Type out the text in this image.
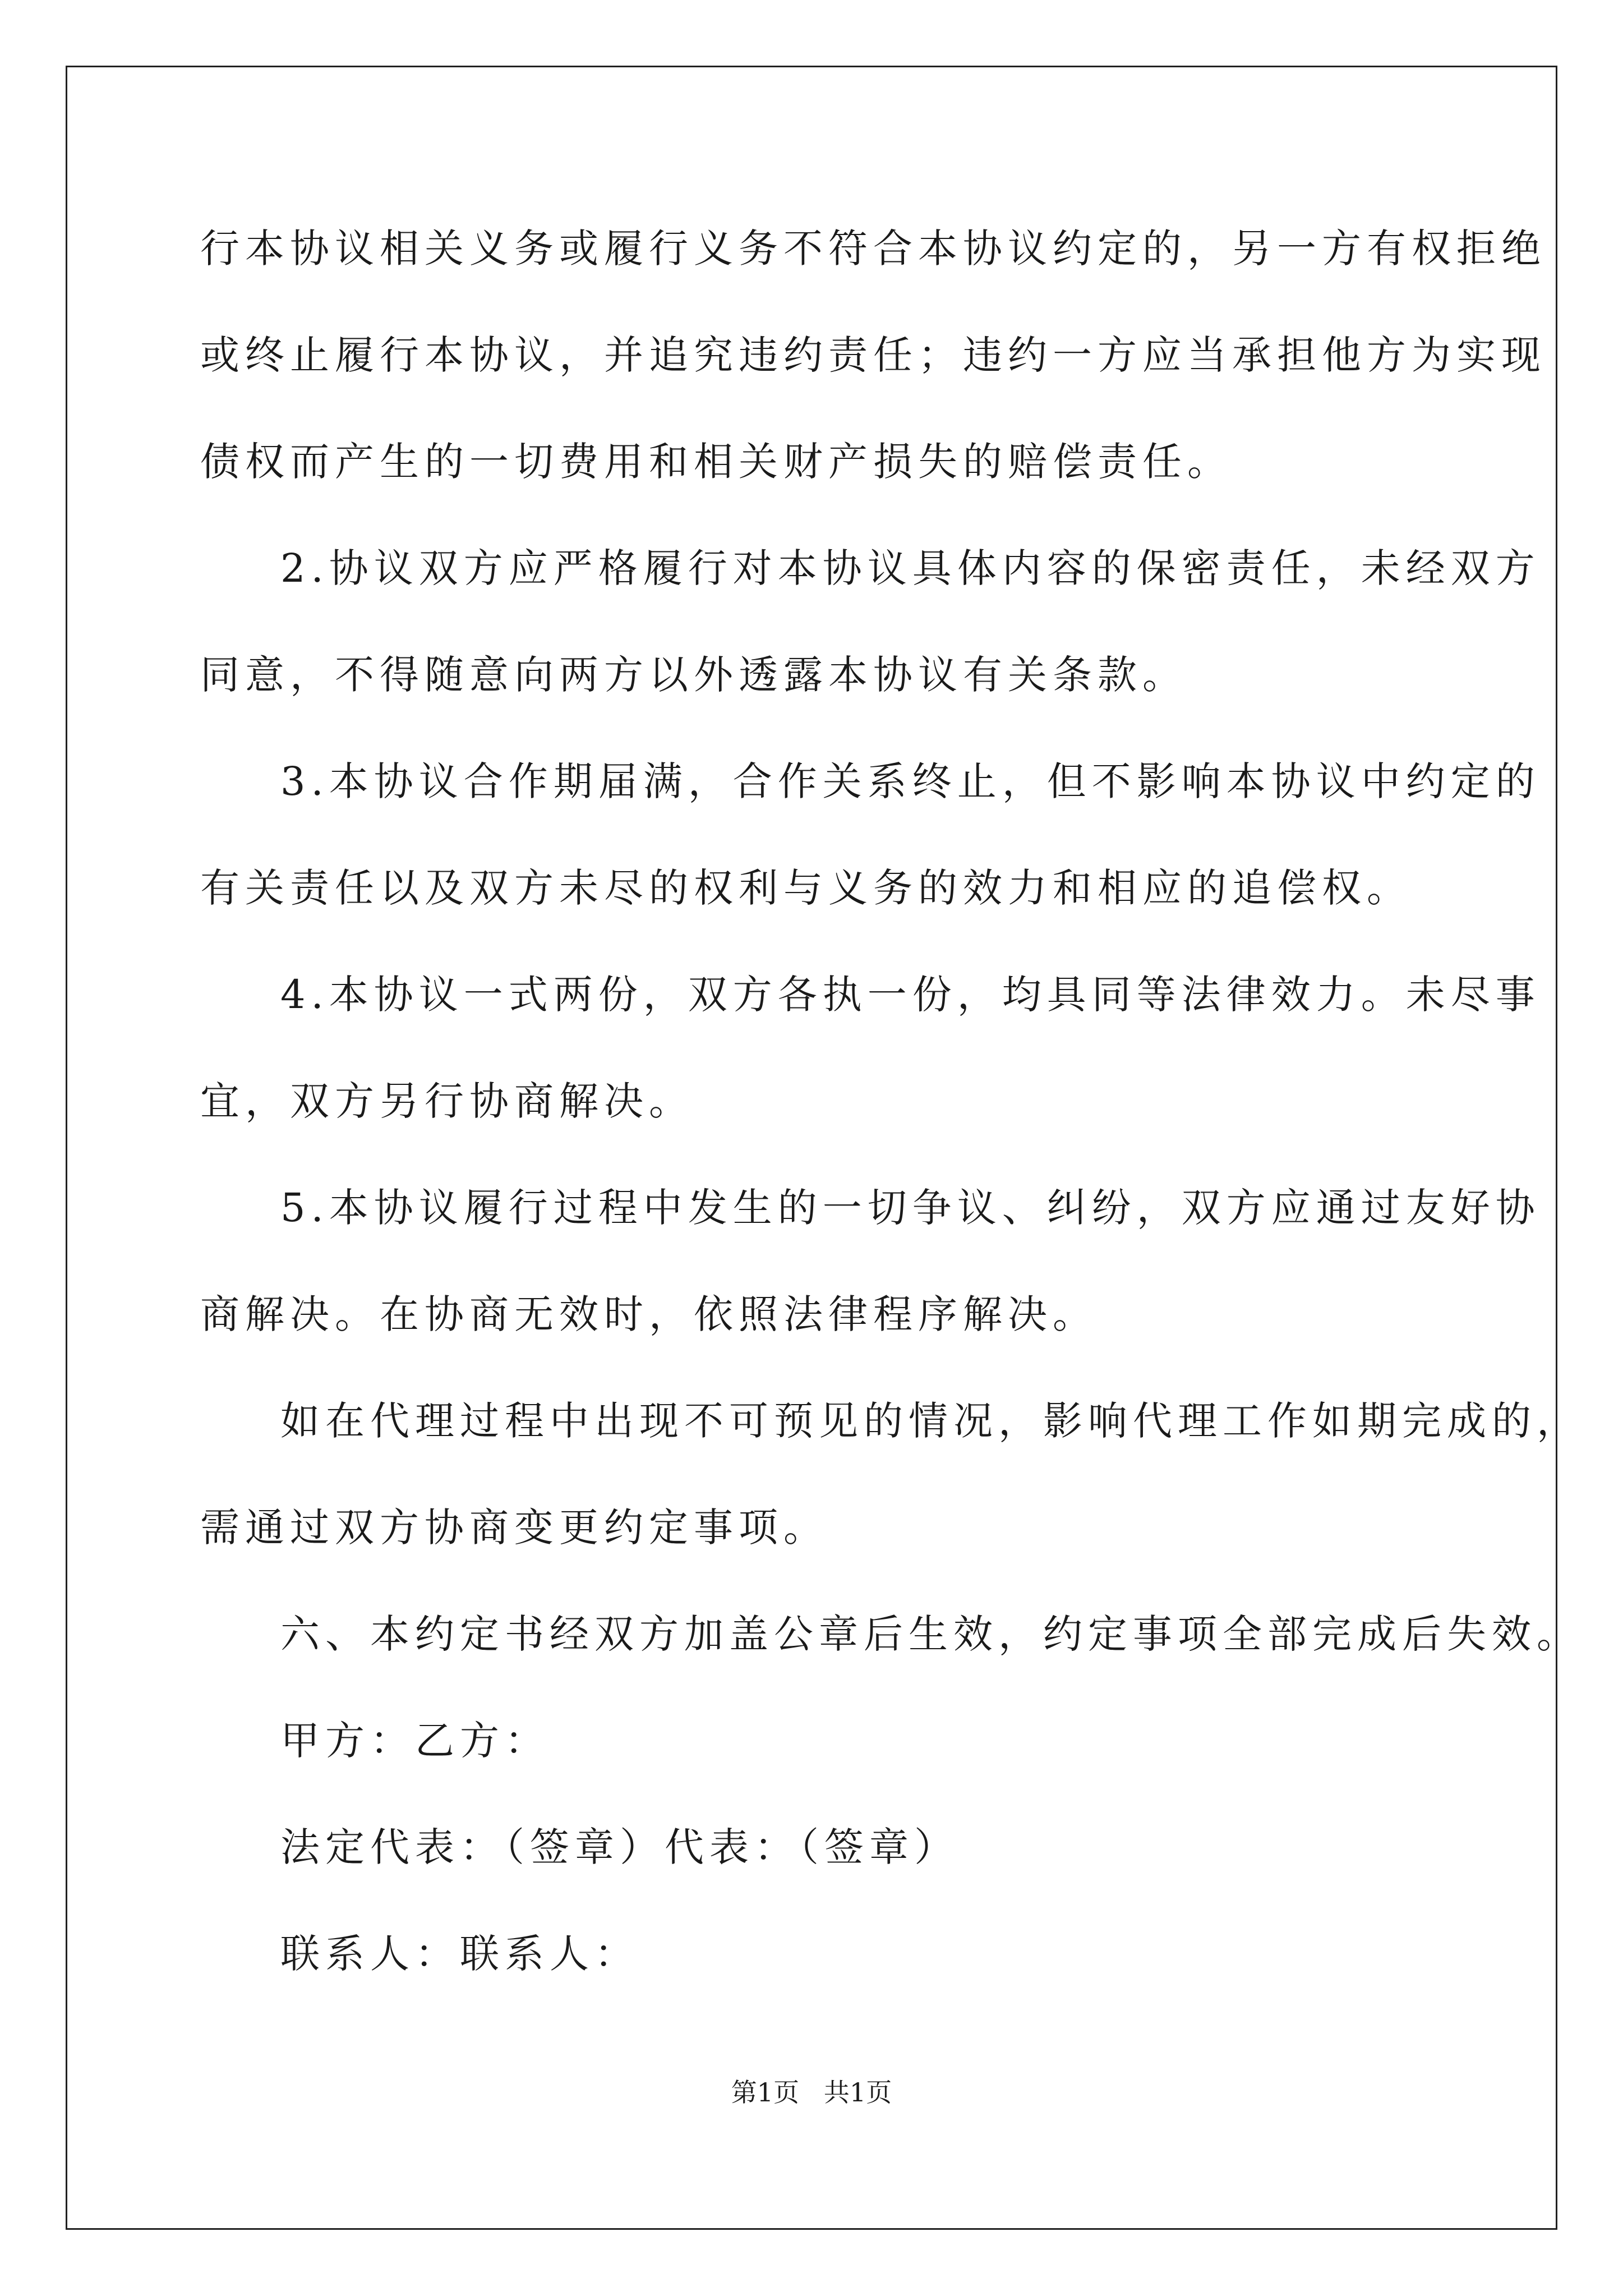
行本协议相关义务或履行义务不符合本协议约定的，另一方有权拒绝
或终止履行本协议，并追究违约责任；违约一方应当承担他方为实现
债权而产生的一切费用和相关财产损失的赔偿责任。
2.协议双方应严格履行对本协议具体内容的保密责任，未经双方
同意，不得随意向两方以外透露本协议有关条款。
3.本协议合作期届满，合作关系终止，但不影响本协议中约定的
有关责任以及双方未尽的权利与义务的效力和相应的追偿权。
4.本协议一式两份，双方各执一份，均具同等法律效力。未尽事
宜，双方另行协商解决。
5.本协议履行过程中发生的一切争议、纠纷，双方应通过友好协
商解决。在协商无效时，依照法律程序解决。
如在代理过程中出现不可预见的情况，影响代理工作如期完成的，
需通过双方协商变更约定事项。
六、本约定书经双方加盖公章后生效，约定事项全部完成后失效。
甲方：乙方：
法定代表：（签章）代表：（签章）
联系人：联系人：
第1页   共1页
